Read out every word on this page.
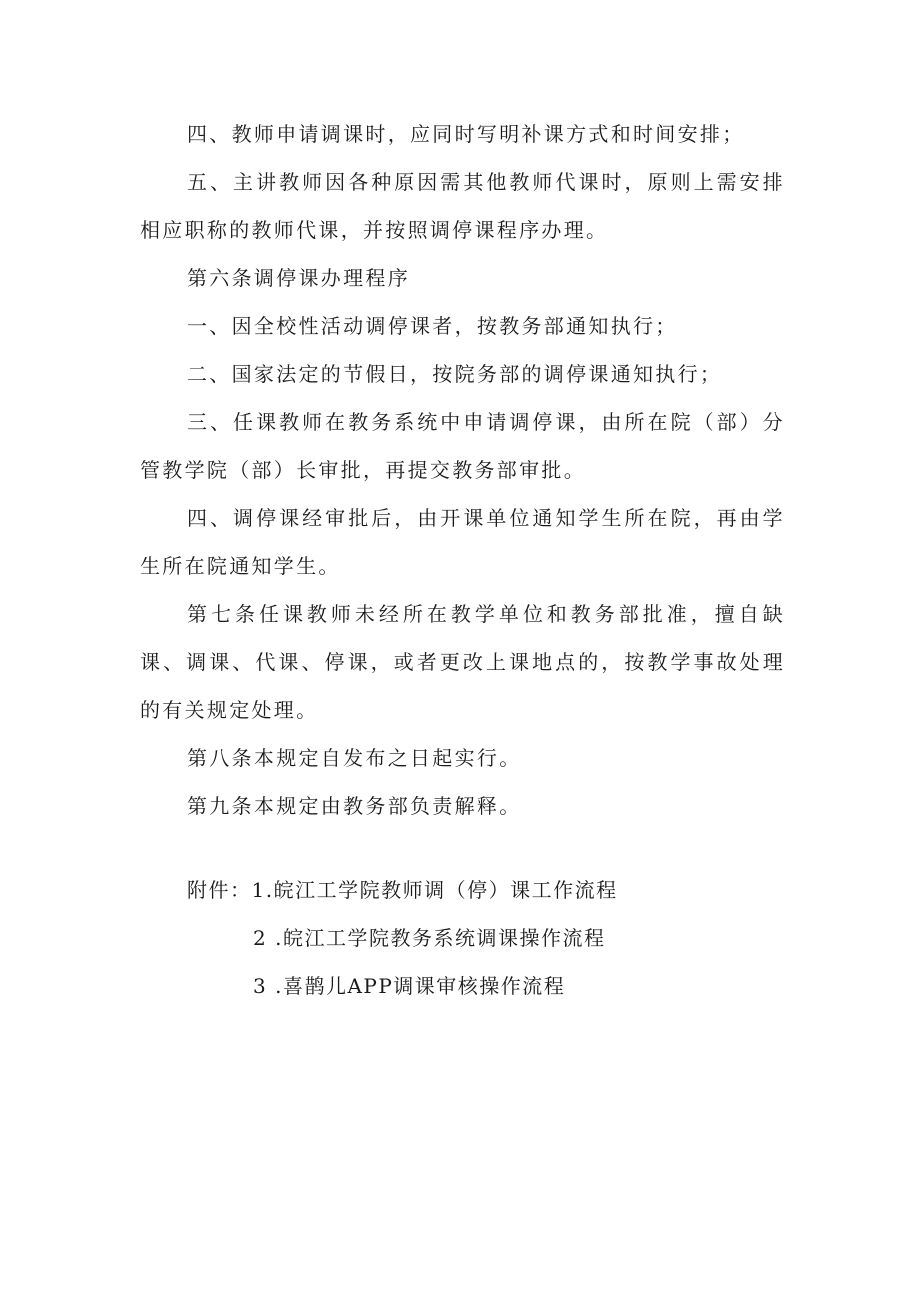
四、教师申请调课时，应同时写明补课方式和时间安排；

五、主讲教师因各种原因需其他教师代课时，原则上需安排相应职称的教师代课，并按照调停课程序办理。

第六条调停课办理程序

一、因全校性活动调停课者，按教务部通知执行；

二、国家法定的节假日，按院务部的调停课通知执行；

三、任课教师在教务系统中申请调停课，由所在院（部）分管教学院（部）长审批，再提交教务部审批。

四、调停课经审批后，由开课单位通知学生所在院，再由学生所在院通知学生。

第七条任课教师未经所在教学单位和教务部批准，擅自缺课、调课、代课、停课，或者更改上课地点的，按教学事故处理的有关规定处理。

第八条本规定自发布之日起实行。

第九条本规定由教务部负责解释。

附件：1.皖江工学院教师调（停）课工作流程

2 .皖江工学院教务系统调课操作流程

3 .喜鹊儿APP调课审核操作流程
